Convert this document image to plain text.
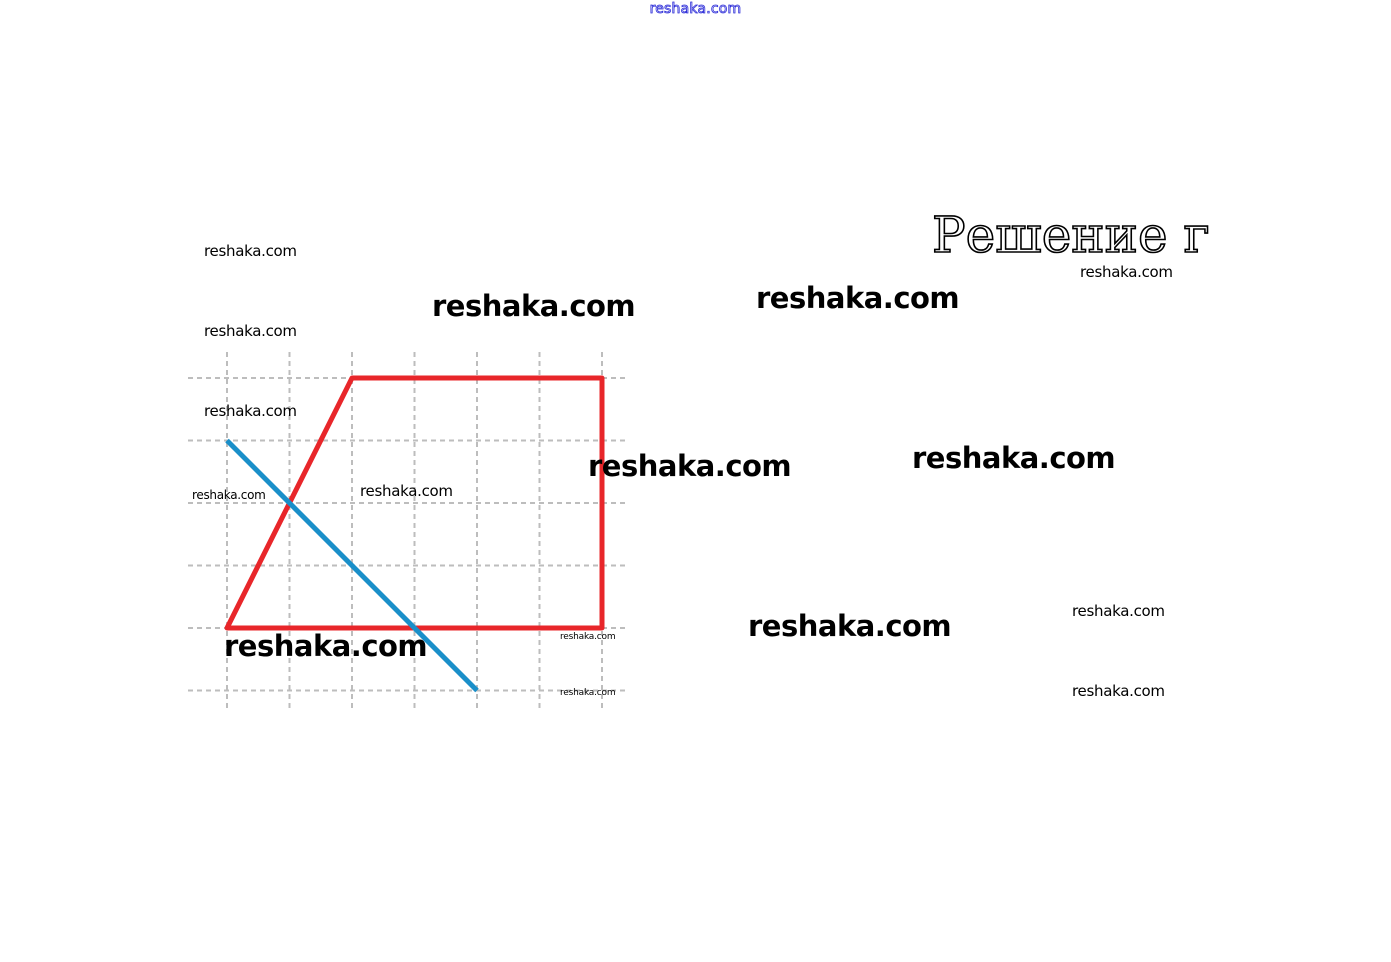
reshaka.com
Решение г
reshaka.com
reshaka.com
reshaka.com
reshaka.com	reshaka.com
reshaka.com
reshaka.com	reshaka.com
reshaka.com	reshaka.com
reshaka.com	reshaka.com
reshaka.com
reshaka.com	reshaka.com
reshaka.com
